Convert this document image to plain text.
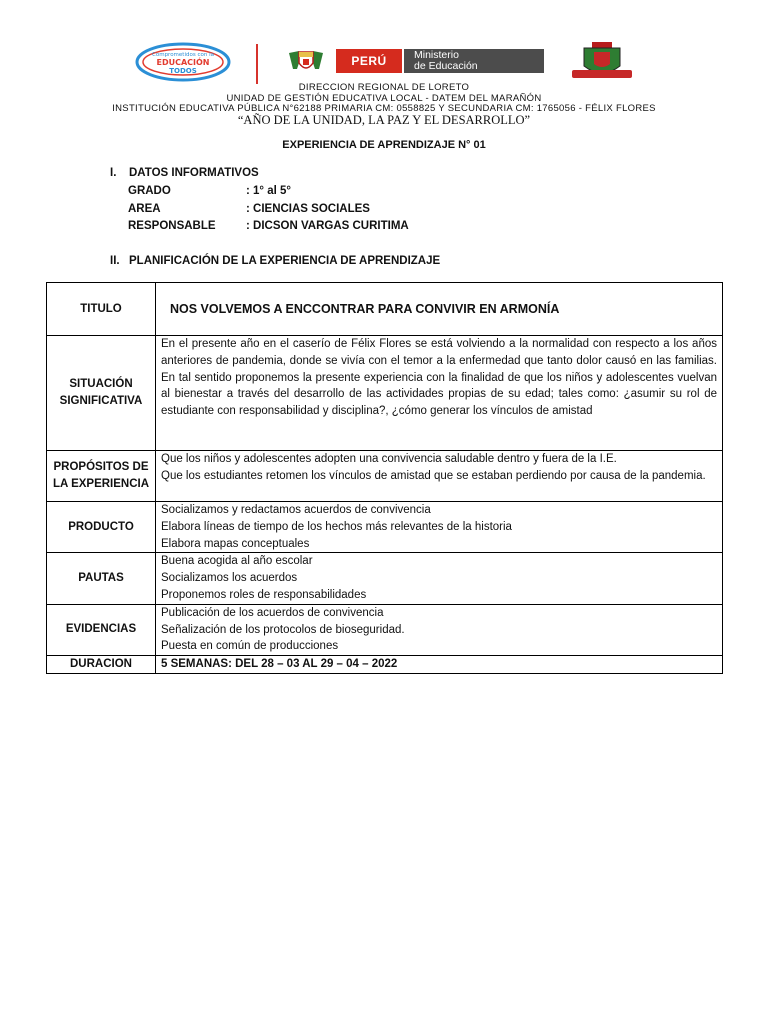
Comprometidos con la
EDUCACIÓN
TODOS
PERÚ	Ministerio
de Educación
DIRECCION REGIONAL DE LORETO
UNIDAD DE GESTIÓN EDUCATIVA LOCAL - DATEM DEL MARAÑÓN
INSTITUCIÓN EDUCATIVA PÚBLICA N°62188 PRIMARIA CM: 0558825 Y SECUNDARIA CM: 1765056 - FÉLIX FLORES
“AÑO DE LA UNIDAD, LA PAZ Y EL DESARROLLO”
EXPERIENCIA DE APRENDIZAJE N° 01
I. DATOS INFORMATIVOS
GRADO	: 1° al 5°
AREA	: CIENCIAS SOCIALES
RESPONSABLE	: DICSON VARGAS CURITIMA
II. PLANIFICACIÓN DE LA EXPERIENCIA DE APRENDIZAJE
TITULO	NOS VOLVEMOS A ENCCONTRAR PARA CONVIVIR EN ARMONÍA

SITUACIÓN
SIGNIFICATIVA	En el presente año en el caserío de Félix Flores se está volviendo a la normalidad con respecto a los años anteriores de pandemia, donde se vivía con el temor a la enfermedad que tanto dolor causó en las familias. En tal sentido proponemos la presente experiencia con la finalidad de que los niños y adolescentes vuelvan al bienestar a través del desarrollo de las actividades propias de su edad; tales como: ¿asumir su rol de estudiante con responsabilidad y disciplina?, ¿cómo generar los vínculos de amistad

PROPÓSITOS DE
LA EXPERIENCIA	Que los niños y adolescentes adopten una convivencia saludable dentro y fuera de la I.E.
Que los estudiantes retomen los vínculos de amistad que se estaban perdiendo por causa de la pandemia.

PRODUCTO	Socializamos y redactamos acuerdos de convivencia
Elabora líneas de tiempo de los hechos más relevantes de la historia
Elabora mapas conceptuales

PAUTAS	Buena acogida al año escolar
Socializamos los acuerdos
Proponemos roles de responsabilidades

EVIDENCIAS	Publicación de los acuerdos de convivencia
Señalización de los protocolos de bioseguridad.
Puesta en común de producciones

DURACION	5 SEMANAS: DEL 28 – 03 AL 29 – 04 – 2022
